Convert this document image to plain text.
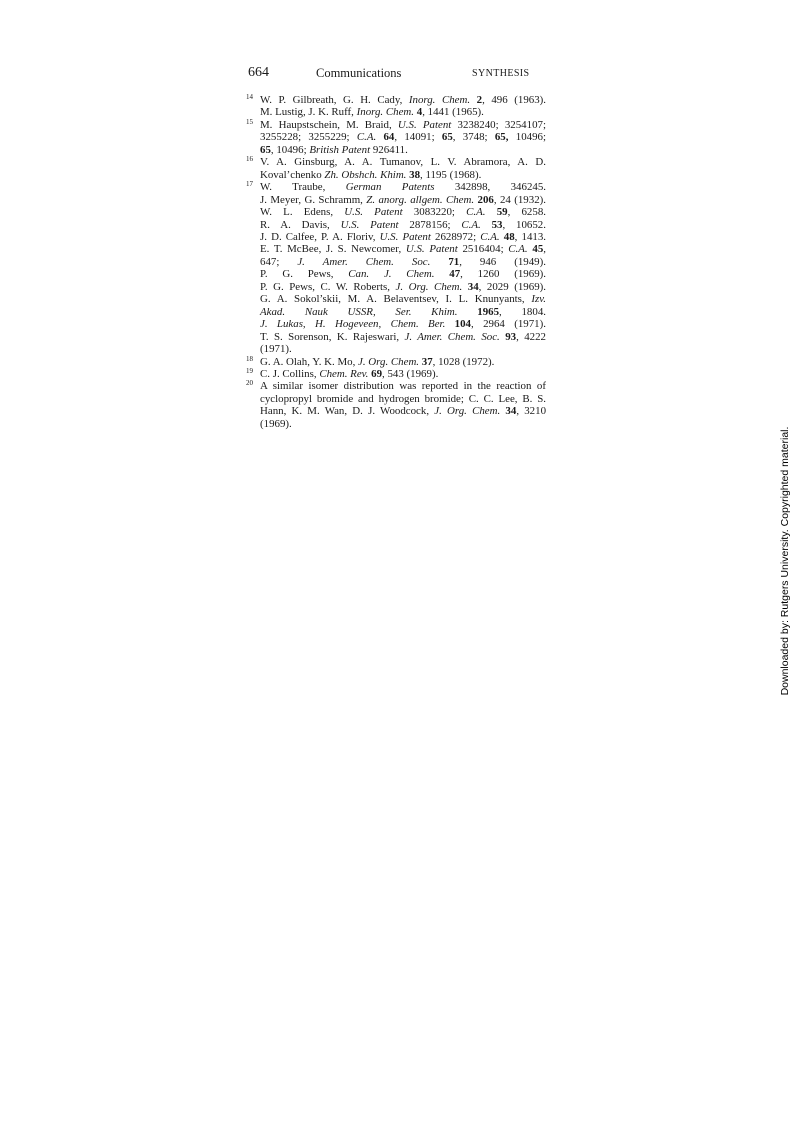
664	Communications	SYNTHESIS
14 W. P. Gilbreath, G. H. Cady, Inorg. Chem. 2, 496 (1963).
M. Lustig, J. K. Ruff, Inorg. Chem. 4, 1441 (1965).
15 M. Haupstschein, M. Braid, U.S. Patent 3238240; 3254107;
3255228; 3255229; C.A. 64, 14091; 65, 3748; 65, 10496;
65, 10496; British Patent 926411.
16 V. A. Ginsburg, A. A. Tumanov, L. V. Abramora, A. D.
Koval’chenko Zh. Obshch. Khim. 38, 1195 (1968).
17 W. Traube, German Patents 342898, 346245.
J. Meyer, G. Schramm, Z. anorg. allgem. Chem. 206, 24 (1932).
W. L. Edens, U.S. Patent 3083220; C.A. 59, 6258.
R. A. Davis, U.S. Patent 2878156; C.A. 53, 10652.
J. D. Calfee, P. A. Floriv, U.S. Patent 2628972; C.A. 48, 1413.
E. T. McBee, J. S. Newcomer, U.S. Patent 2516404; C.A. 45,
647; J. Amer. Chem. Soc. 71, 946 (1949).
P. G. Pews, Can. J. Chem. 47, 1260 (1969).
P. G. Pews, C. W. Roberts, J. Org. Chem. 34, 2029 (1969).
G. A. Sokol’skii, M. A. Belaventsev, I. L. Knunyants, Izv.
Akad. Nauk USSR, Ser. Khim. 1965, 1804.
J. Lukas, H. Hogeveen, Chem. Ber. 104, 2964 (1971).
T. S. Sorenson, K. Rajeswari, J. Amer. Chem. Soc. 93, 4222
(1971).
18 G. A. Olah, Y. K. Mo, J. Org. Chem. 37, 1028 (1972).
19 C. J. Collins, Chem. Rev. 69, 543 (1969).
20 A similar isomer distribution was reported in the reaction of
cyclopropyl bromide and hydrogen bromide; C. C. Lee, B. S.
Hann, K. M. Wan, D. J. Woodcock, J. Org. Chem. 34, 3210
(1969).
Downloaded by: Rutgers University. Copyrighted material.
